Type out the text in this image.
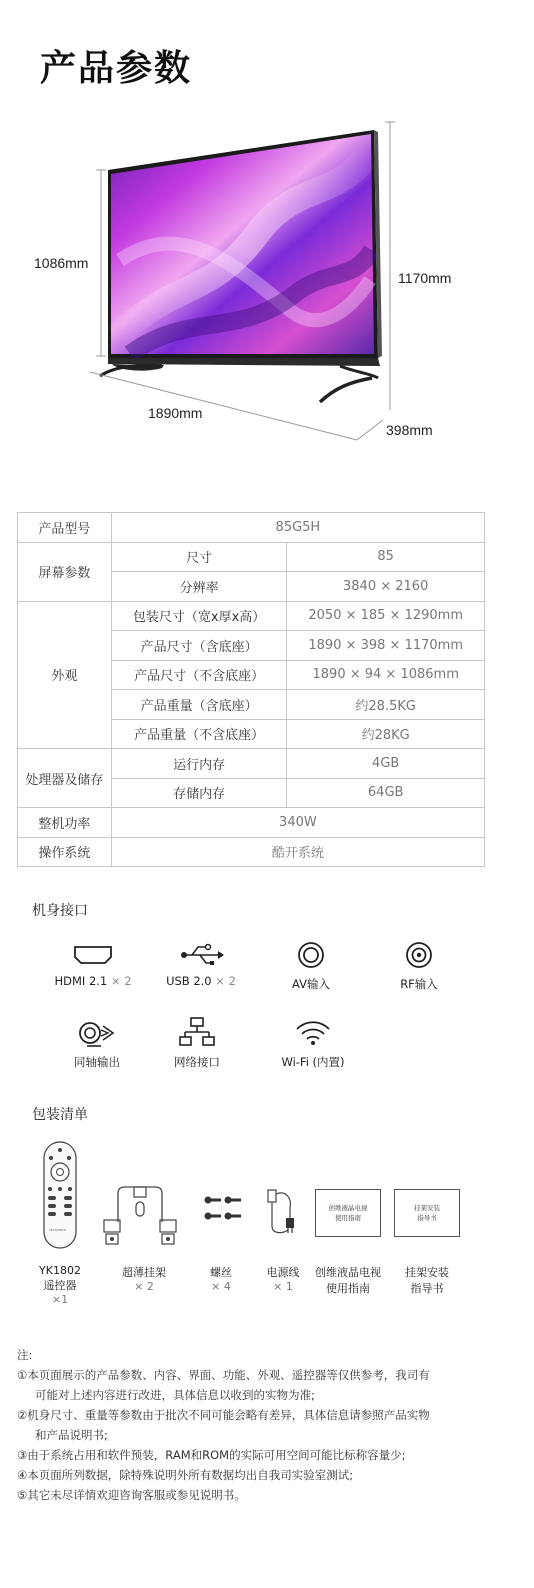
产品参数
1086mm
1170mm
1890mm
398mm
产品型号	85G5H	
屏幕参数	尺寸	85
	分辨率	3840 × 2160
外观	包装尺寸（宽x厚x高）	2050 × 185 × 1290mm
	产品尺寸（含底座）	1890 × 398 × 1170mm
	产品尺寸（不含底座）	1890 × 94 × 1086mm
	产品重量（含底座）	约28.5KG
	产品重量（不含底座）	约28KG
处理器及储存	运行内存	4GB
	存储内存	64GB
整机功率	340W	
操作系统	酷开系统	
机身接口
HDMI 2.1 × 2	USB 2.0 × 2	AV输入	RF输入
同轴输出	网络接口	Wi-Fi (内置)
包装清单
SKYWORTH
YK1802
遥控器
×1
超薄挂架
× 2
螺丝
× 4
电源线
× 1
创维液晶电视
使用指南
创维液晶电视
使用指南
挂架安装
指导书
挂架安装
指导书
注:
①本页面展示的产品参数、内容、界面、功能、外观、遥控器等仅供参考，我司有
可能对上述内容进行改进，具体信息以收到的实物为准;
②机身尺寸、重量等参数由于批次不同可能会略有差异，具体信息请参照产品实物
和产品说明书;
③由于系统占用和软件预装，RAM和ROM的实际可用空间可能比标称容量少;
④本页面所列数据，除特殊说明外所有数据均出自我司实验室测试;
⑤其它未尽详情欢迎咨询客服或参见说明书。
